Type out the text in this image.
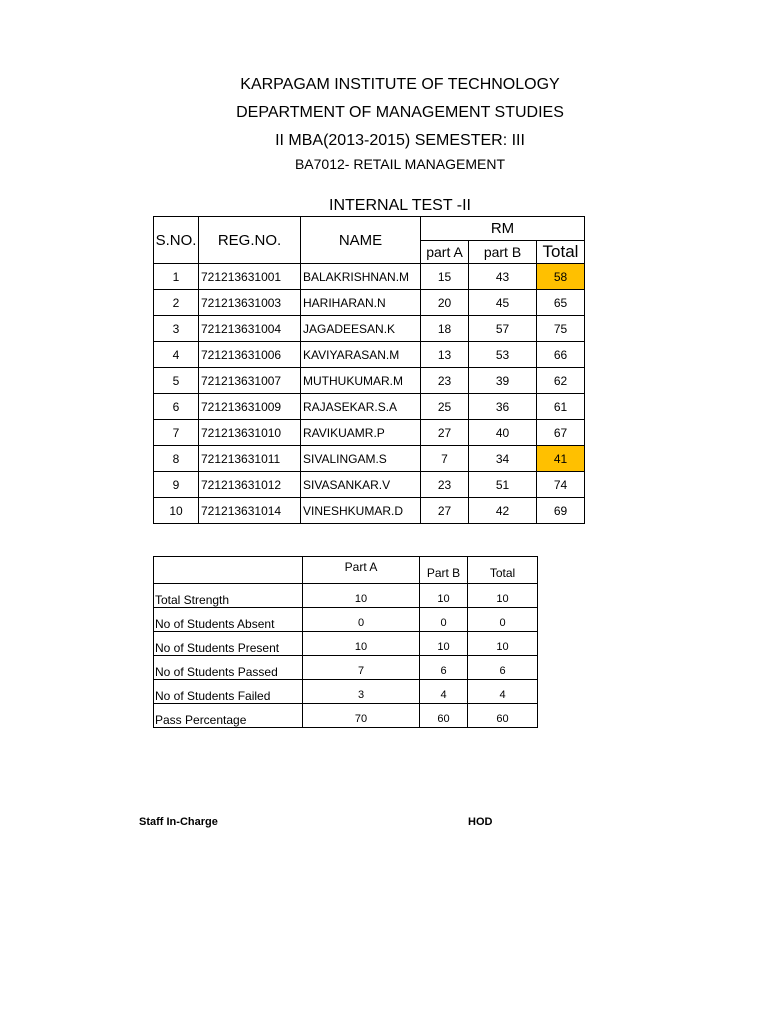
KARPAGAM INSTITUTE OF TECHNOLOGY
DEPARTMENT OF MANAGEMENT STUDIES
II MBA(2013-2015) SEMESTER: III
BA7012- RETAIL MANAGEMENT
INTERNAL TEST -II
S.NO.	REG.NO.	NAME	RM		
			part A	part B	Total
1	721213631001	BALAKRISHNAN.M	15	43	58
2	721213631003	HARIHARAN.N	20	45	65
3	721213631004	JAGADEESAN.K	18	57	75
4	721213631006	KAVIYARASAN.M	13	53	66
5	721213631007	MUTHUKUMAR.M	23	39	62
6	721213631009	RAJASEKAR.S.A	25	36	61
7	721213631010	RAVIKUAMR.P	27	40	67
8	721213631011	SIVALINGAM.S	7	34	41
9	721213631012	SIVASANKAR.V	23	51	74
10	721213631014	VINESHKUMAR.D	27	42	69
	Part A	Part B	Total
Total Strength	10	10	10
No of Students Absent	0	0	0
No of Students Present	10	10	10
No of Students Passed	7	6	6
No of Students Failed	3	4	4
Pass Percentage	70	60	60
Staff In-Charge	HOD
